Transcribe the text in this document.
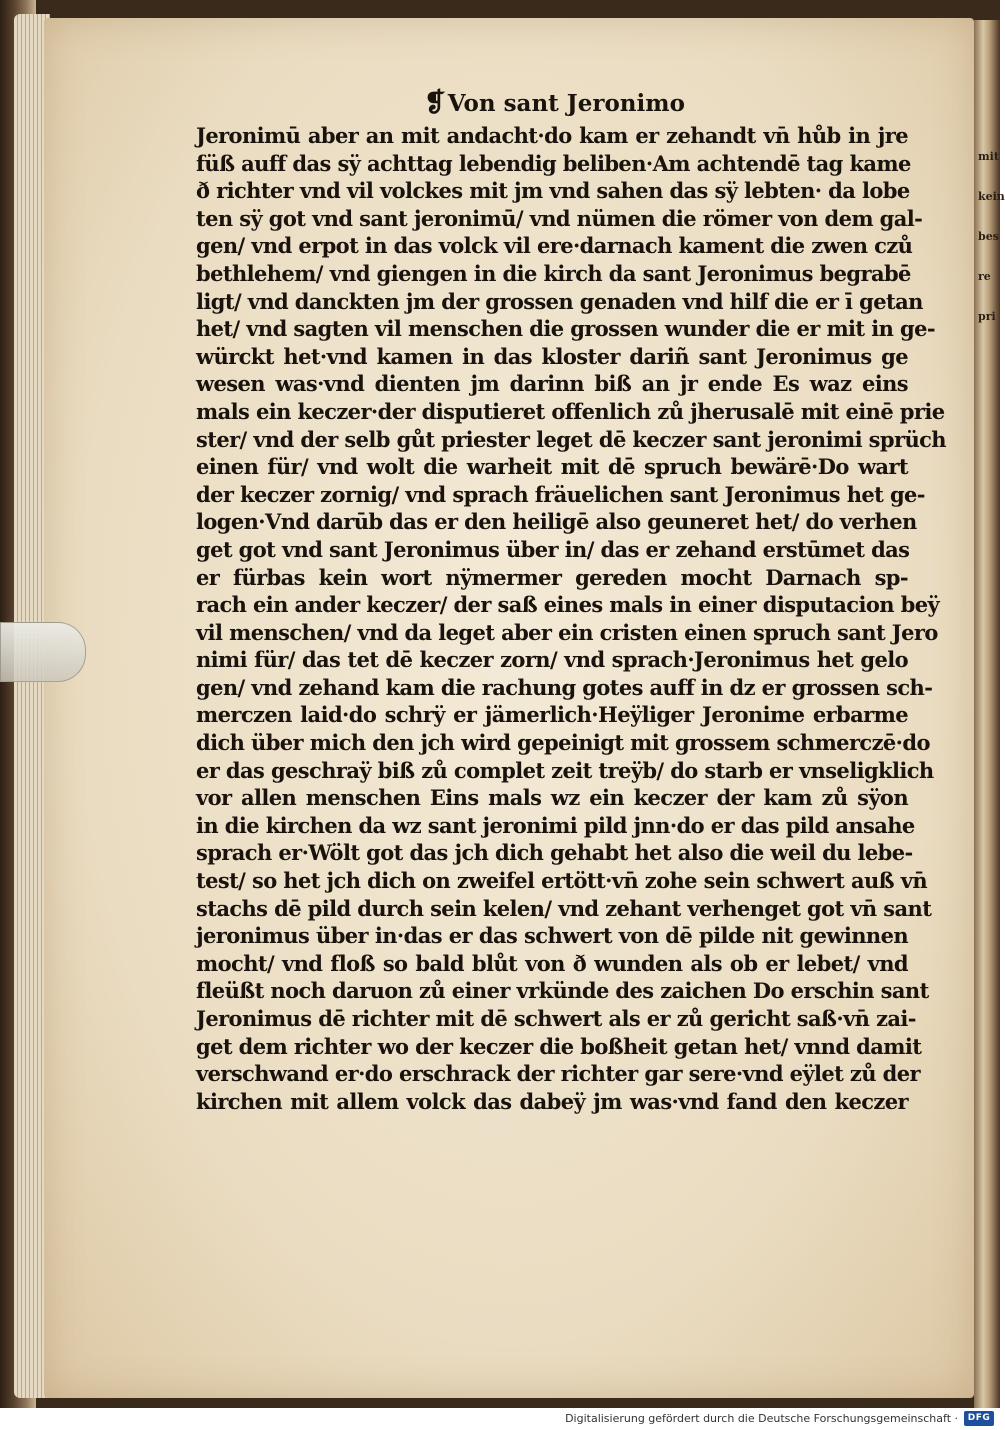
mit
kein
bes
re
pri
❡Von sant Jeronimo
Jeronimū aber an mit andacht·do kam er zehandt vn̄ hůb in jre
füß auff das sÿ achttag lebendig beliben·Am achtendē tag kame
ð richter vnd vil volckes mit jm vnd sahen das sÿ lebten· da lobe
ten sÿ got vnd sant jeronimū/ vnd nümen die römer von dem gal-
gen/ vnd erpot in das volck vil ere·darnach kament die zwen czů
bethlehem/ vnd giengen in die kirch da sant Jeronimus begrabē
ligt/ vnd danckten jm der grossen genaden vnd hilf die er ī getan
het/ vnd sagten vil menschen die grossen wunder die er mit in ge-
würckt het·vnd kamen in das kloster dariñ sant Jeronimus ge
wesen was·vnd dienten jm darinn biß an jr ende Es waz eins
mals ein keczer·der disputieret offenlich zů jherusalē mit einē prie
ster/ vnd der selb gůt priester leget dē keczer sant jeronimi sprüch
einen für/ vnd wolt die warheit mit dē spruch bewärē·Do wart
der keczer zornig/ vnd sprach fräuelichen sant Jeronimus het ge-
logen·Vnd darūb das er den heiligē also geuneret het/ do verhen
get got vnd sant Jeronimus über in/ das er zehand erstūmet das
er fürbas kein wort nÿmermer gereden mocht Darnach sp-
rach ein ander keczer/ der saß eines mals in einer disputacion beÿ
vil menschen/ vnd da leget aber ein cristen einen spruch sant Jero
nimi für/ das tet dē keczer zorn/ vnd sprach·Jeronimus het gelo
gen/ vnd zehand kam die rachung gotes auff in dz er grossen sch-
merczen laid·do schrÿ er jämerlich·Heÿliger Jeronime erbarme
dich über mich den jch wird gepeinigt mit grossem schmerczē·do
er das geschraÿ biß zů complet zeit treÿb/ do starb er vnseligklich
vor allen menschen Eins mals wz ein keczer der kam zů sÿon
in die kirchen da wz sant jeronimi pild jnn·do er das pild ansahe
sprach er·Wölt got das jch dich gehabt het also die weil du lebe-
test/ so het jch dich on zweifel ertött·vn̄ zohe sein schwert auß vn̄
stachs dē pild durch sein kelen/ vnd zehant verhenget got vn̄ sant
jeronimus über in·das er das schwert von dē pilde nit gewinnen
mocht/ vnd floß so bald blůt von ð wunden als ob er lebet/ vnd
fleüßt noch daruon zů einer vrkünde des zaichen Do erschin sant
Jeronimus dē richter mit dē schwert als er zů gericht saß·vn̄ zai-
get dem richter wo der keczer die boßheit getan het/ vnnd damit
verschwand er·do erschrack der richter gar sere·vnd eÿlet zů der
kirchen mit allem volck das dabeÿ jm was·vnd fand den keczer
Digitalisierung gefördert durch die Deutsche Forschungsgemeinschaft ·	DFG
